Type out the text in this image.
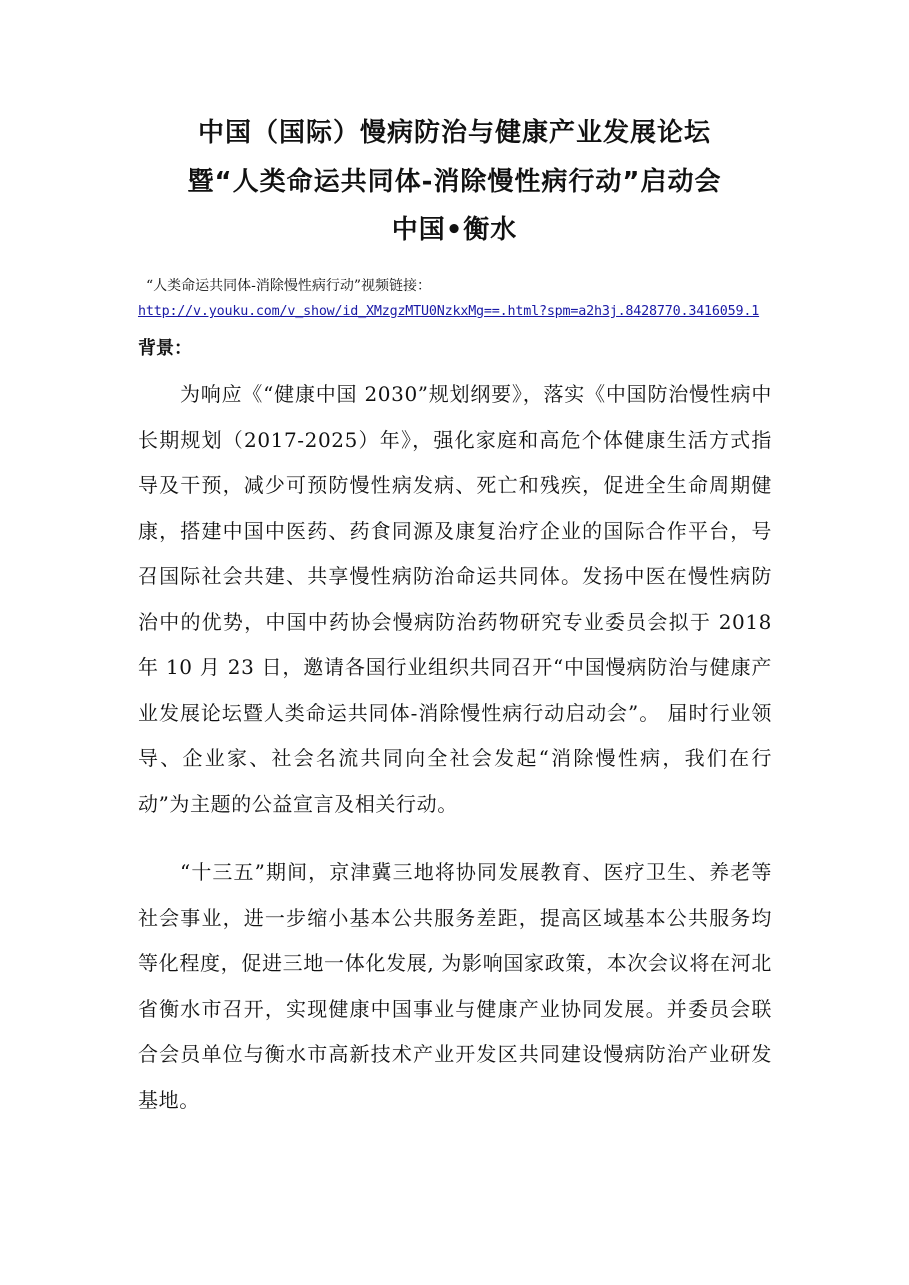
中国（国际）慢病防治与健康产业发展论坛
暨“人类命运共同体-消除慢性病行动”启动会
中国•衡水
“人类命运共同体-消除慢性病行动”视频链接：
http://v.youku.com/v_show/id_XMzgzMTU0NzkxMg==.html?spm=a2h3j.8428770.3416059.1
背景：

为响应《“健康中国 2030”规划纲要》，落实《中国防治慢性病中长期规划（2017-2025）年》，强化家庭和高危个体健康生活方式指导及干预，减少可预防慢性病发病、死亡和残疾，促进全生命周期健康，搭建中国中医药、药食同源及康复治疗企业的国际合作平台，号召国际社会共建、共享慢性病防治命运共同体。发扬中医在慢性病防治中的优势，中国中药协会慢病防治药物研究专业委员会拟于 2018 年 10 月 23 日，邀请各国行业组织共同召开“中国慢病防治与健康产业发展论坛暨人类命运共同体-消除慢性病行动启动会”。 届时行业领导、企业家、社会名流共同向全社会发起“消除慢性病，我们在行动”为主题的公益宣言及相关行动。

“十三五”期间，京津冀三地将协同发展教育、医疗卫生、养老等社会事业，进一步缩小基本公共服务差距，提高区域基本公共服务均等化程度，促进三地一体化发展, 为影响国家政策，本次会议将在河北省衡水市召开，实现健康中国事业与健康产业协同发展。并委员会联合会员单位与衡水市高新技术产业开发区共同建设慢病防治产业研发基地。
